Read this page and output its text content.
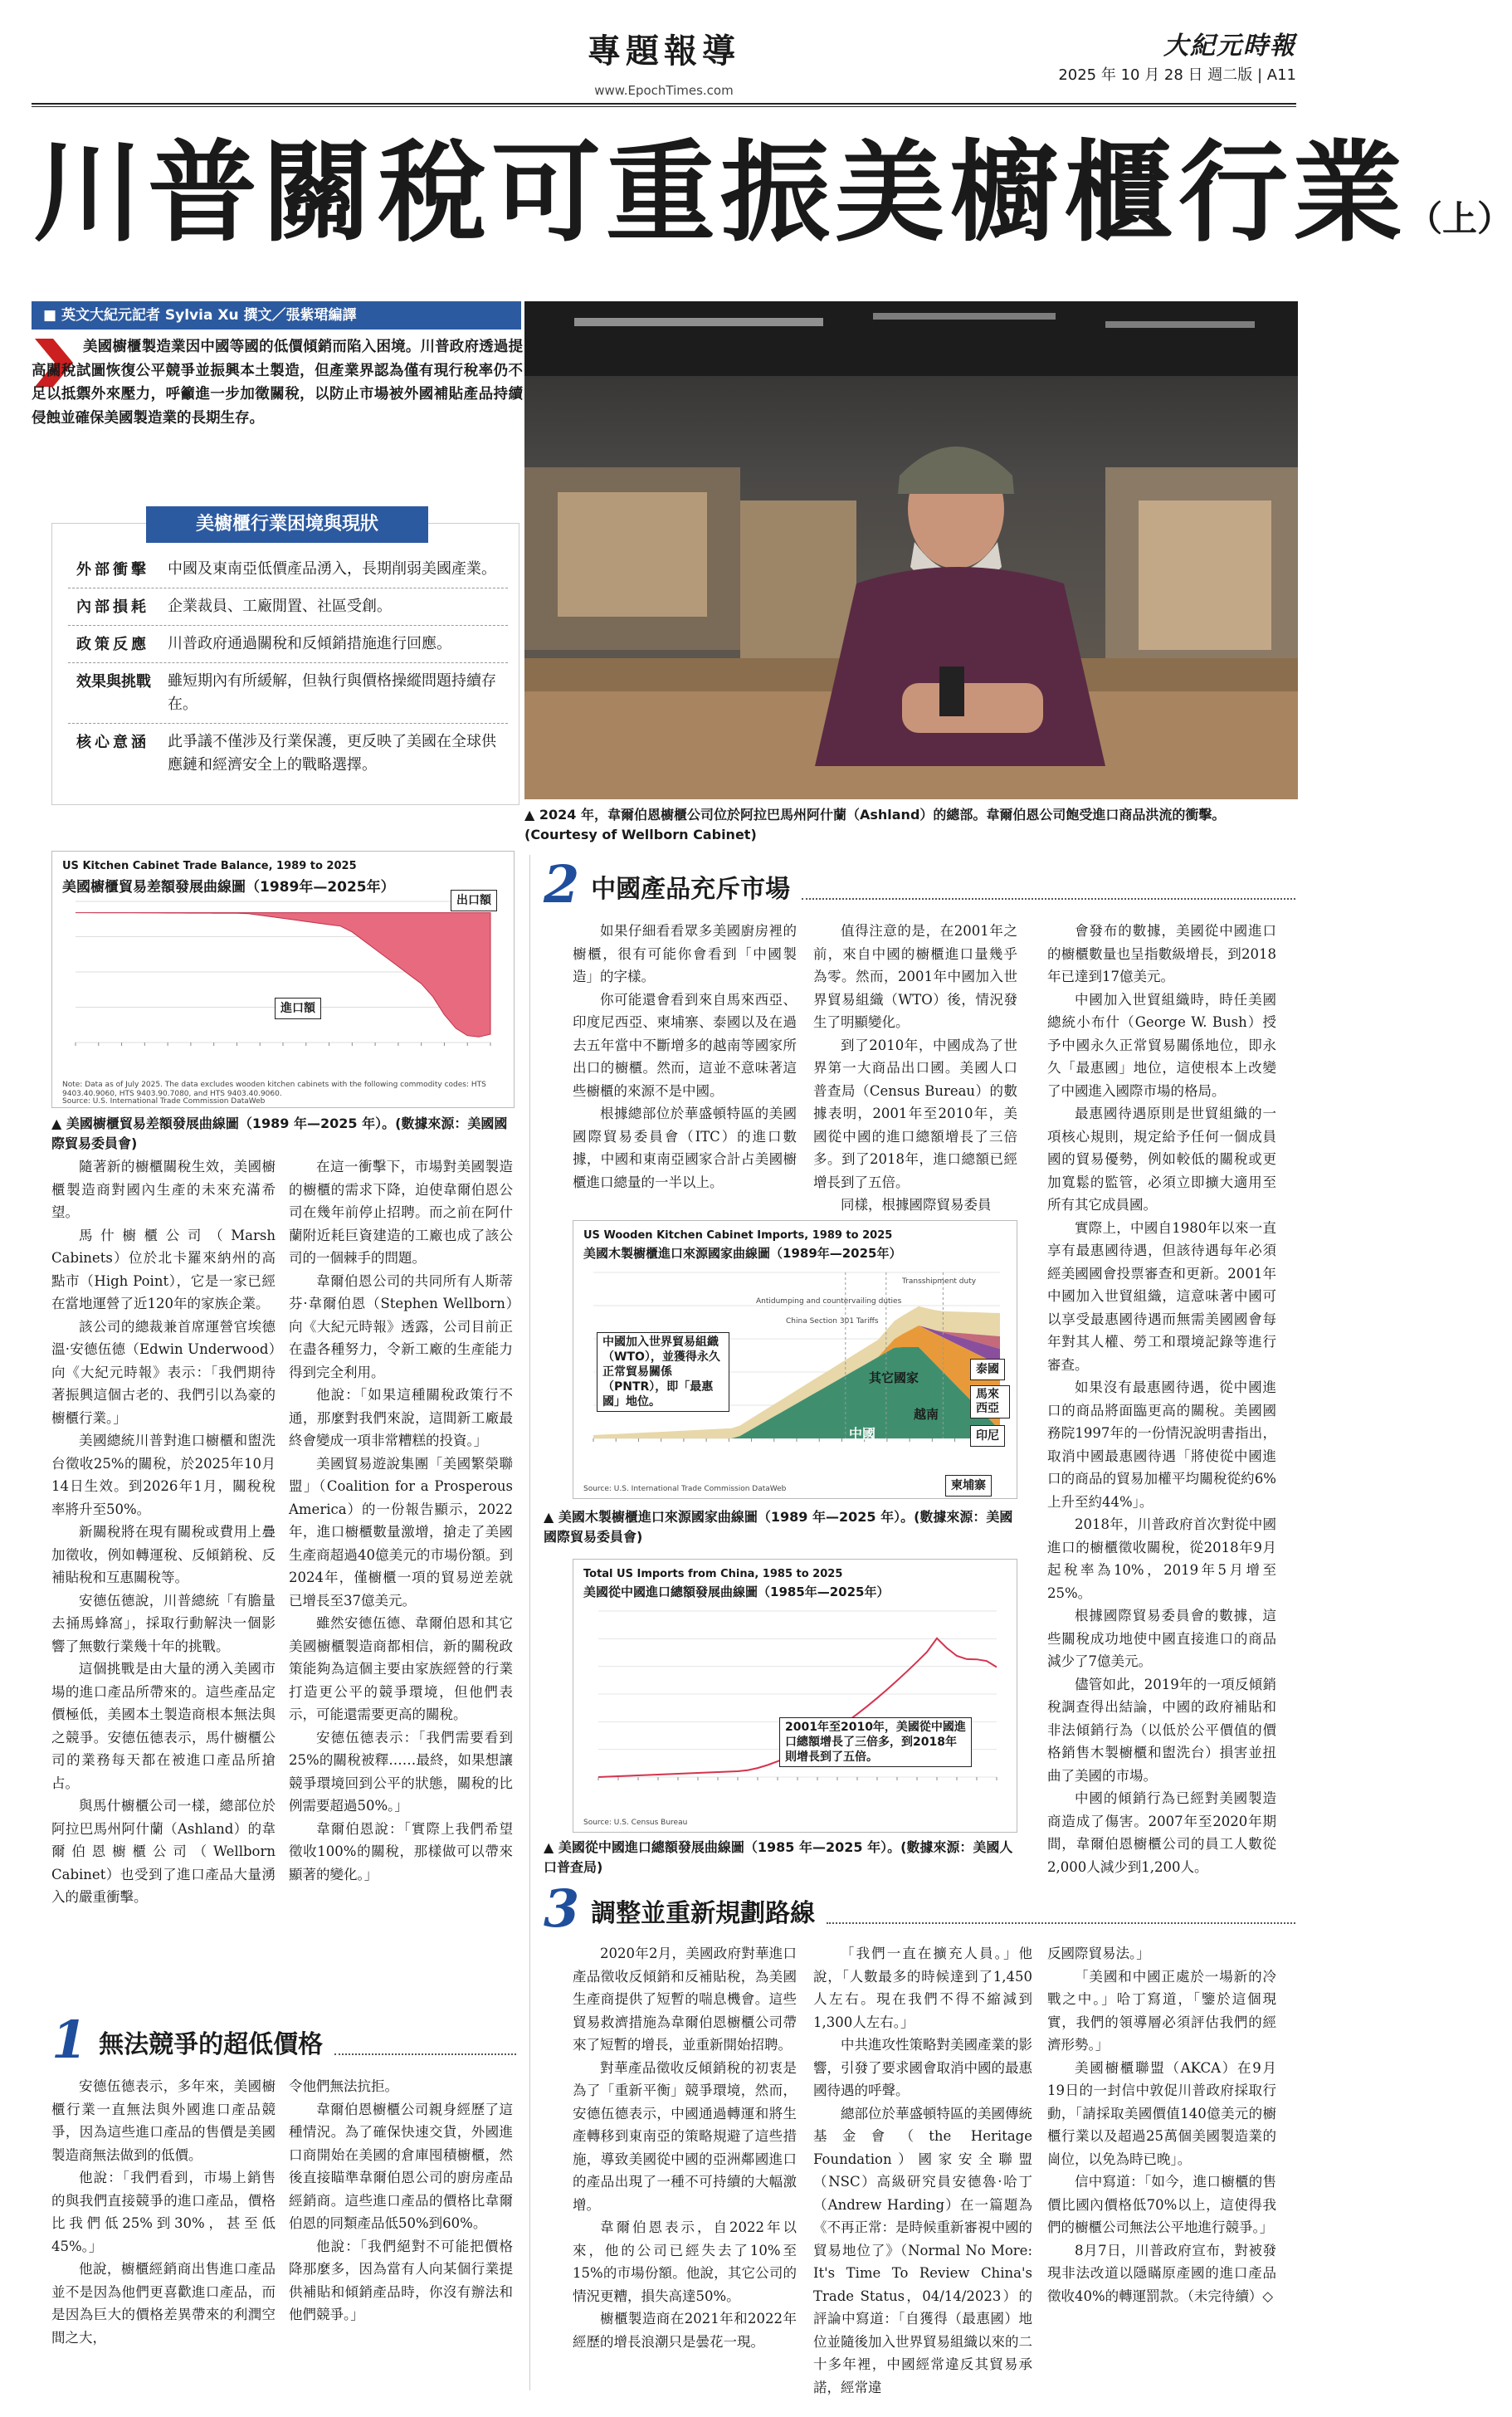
專題報導
www.EpochTimes.com
大紀元時報
2025 年 10 月 28 日 週二版 | A11
川普關稅可重振美櫥櫃行業（上）
■ 英文大紀元記者 Sylvia Xu 撰文／張紫珺編譯
美國櫥櫃製造業因中國等國的低價傾銷而陷入困境。川普政府透過提高關稅試圖恢復公平競爭並振興本土製造，但產業界認為僅有現行稅率仍不足以抵禦外來壓力，呼籲進一步加徵關稅，以防止市場被外國補貼產品持續侵蝕並確保美國製造業的長期生存。
美櫥櫃行業困境與現狀
外部衝擊	中國及東南亞低價產品湧入，長期削弱美國產業。
內部損耗	企業裁員、工廠閒置、社區受創。
政策反應	川普政府通過關稅和反傾銷措施進行回應。
效果與挑戰	雖短期內有所緩解，但執行與價格操縱問題持續存在。
核心意涵	此爭議不僅涉及行業保護，更反映了美國在全球供應鏈和經濟安全上的戰略選擇。
▲ 2024 年，韋爾伯恩櫥櫃公司位於阿拉巴馬州阿什蘭（Ashland）的總部。韋爾伯恩公司飽受進口商品洪流的衝擊。(Courtesy of Wellborn Cabinet)
US Kitchen Cabinet Trade Balance, 1989 to 2025
美國櫥櫃貿易差額發展曲線圖（1989年—2025年）
出口額
進口額
Note: Data as of July 2025. The data excludes wooden kitchen cabinets with the following commodity codes: HTS 9403.40.9060, HTS 9403.90.7080, and HTS 9403.40.9060.
Source: U.S. International Trade Commission DataWeb
▲ 美國櫥櫃貿易差額發展曲線圖（1989 年—2025 年）。(數據來源：美國國際貿易委員會)
2 中國產品充斥市場
US Wooden Kitchen Cabinet Imports, 1989 to 2025
美國木製櫥櫃進口來源國家曲線圖（1989年—2025年）
Antidumping and countervailing duties
Transshipment duty
China Section 301 Tariffs
中國加入世界貿易組織（WTO），並獲得永久正常貿易關係（PNTR），即「最惠國」地位。
其它國家
中國
越南
泰國
馬來西亞
印尼
柬埔寨
Source: U.S. International Trade Commission DataWeb
▲ 美國木製櫥櫃進口來源國家曲線圖（1989 年—2025 年）。(數據來源：美國國際貿易委員會)
Total US Imports from China, 1985 to 2025
美國從中國進口總額發展曲線圖（1985年—2025年）
2001年至2010年，美國從中國進口總額增長了三倍多，到2018年則增長到了五倍。
Source: U.S. Census Bureau
▲ 美國從中國進口總額發展曲線圖（1985 年—2025 年）。(數據來源：美國人口普查局)
3 調整並重新規劃路線
1 無法競爭的超低價格

隨著新的櫥櫃關稅生效，美國櫥櫃製造商對國內生產的未來充滿希望。

馬什櫥櫃公司（Marsh Cabinets）位於北卡羅來納州的高點市（High Point），它是一家已經在當地運營了近120年的家族企業。

該公司的總裁兼首席運營官埃德溫·安德伍德（Edwin Underwood）向《大紀元時報》表示：「我們期待著振興這個古老的、我們引以為豪的櫥櫃行業。」

美國總統川普對進口櫥櫃和盥洗台徵收25%的關稅，於2025年10月14日生效。到2026年1月，關稅稅率將升至50%。

新關稅將在現有關稅或費用上疊加徵收，例如轉運稅、反傾銷稅、反補貼稅和互惠關稅等。

安德伍德說，川普總統「有膽量去捅馬蜂窩」，採取行動解決一個影響了無數行業幾十年的挑戰。

這個挑戰是由大量的湧入美國市場的進口產品所帶來的。這些產品定價極低，美國本土製造商根本無法與之競爭。安德伍德表示，馬什櫥櫃公司的業務每天都在被進口產品所搶占。

與馬什櫥櫃公司一樣，總部位於阿拉巴馬州阿什蘭（Ashland）的韋爾伯恩櫥櫃公司（Wellborn Cabinet）也受到了進口產品大量湧入的嚴重衝擊。

在這一衝擊下，市場對美國製造的櫥櫃的需求下降，迫使韋爾伯恩公司在幾年前停止招聘。而之前在阿什蘭附近耗巨資建造的工廠也成了該公司的一個棘手的問題。

韋爾伯恩公司的共同所有人斯蒂芬·韋爾伯恩（Stephen Wellborn）向《大紀元時報》透露，公司目前正在盡各種努力，令新工廠的生產能力得到完全利用。

他說：「如果這種關稅政策行不通，那麼對我們來說，這間新工廠最終會變成一項非常糟糕的投資。」

美國貿易遊說集團「美國繁榮聯盟」（Coalition for a Prosperous America）的一份報告顯示，2022年，進口櫥櫃數量激增，搶走了美國生產商超過40億美元的市場份額。到2024年，僅櫥櫃一項的貿易逆差就已增長至37億美元。

雖然安德伍德、韋爾伯恩和其它美國櫥櫃製造商都相信，新的關稅政策能夠為這個主要由家族經營的行業打造更公平的競爭環境，但他們表示，可能還需要更高的關稅。

安德伍德表示：「我們需要看到25%的關稅被釋……最終，如果想讓競爭環境回到公平的狀態，關稅的比例需要超過50%。」

韋爾伯恩說：「實際上我們希望徵收100%的關稅，那樣做可以帶來顯著的變化。」

安德伍德表示，多年來，美國櫥櫃行業一直無法與外國進口產品競爭，因為這些進口產品的售價是美國製造商無法做到的低價。

他說：「我們看到，市場上銷售的與我們直接競爭的進口產品，價格比我們低25%到30%，甚至低45%。」

他說，櫥櫃經銷商出售進口產品並不是因為他們更喜歡進口產品，而是因為巨大的價格差異帶來的利潤空間之大，

令他們無法抗拒。

韋爾伯恩櫥櫃公司親身經歷了這種情況。為了確保快速交貨，外國進口商開始在美國的倉庫囤積櫥櫃，然後直接瞄準韋爾伯恩公司的廚房產品經銷商。這些進口產品的價格比韋爾伯恩的同類產品低50%到60%。

他說：「我們絕對不可能把價格降那麼多，因為當有人向某個行業提供補貼和傾銷產品時，你沒有辦法和他們競爭。」

如果仔細看看眾多美國廚房裡的櫥櫃，很有可能你會看到「中國製造」的字樣。

你可能還會看到來自馬來西亞、印度尼西亞、柬埔寨、泰國以及在過去五年當中不斷增多的越南等國家所出口的櫥櫃。然而，這並不意味著這些櫥櫃的來源不是中國。

根據總部位於華盛頓特區的美國國際貿易委員會（ITC）的進口數據，中國和東南亞國家合計占美國櫥櫃進口總量的一半以上。

值得注意的是，在2001年之前，來自中國的櫥櫃進口量幾乎為零。然而，2001年中國加入世界貿易組織（WTO）後，情況發生了明顯變化。

到了2010年，中國成為了世界第一大商品出口國。美國人口普查局（Census Bureau）的數據表明，2001年至2010年，美國從中國的進口總額增長了三倍多。到了2018年，進口總額已經增長到了五倍。

同樣，根據國際貿易委員

會發布的數據，美國從中國進口的櫥櫃數量也呈指數級增長，到2018年已達到17億美元。

中國加入世貿組織時，時任美國總統小布什（George W. Bush）授予中國永久正常貿易關係地位，即永久「最惠國」地位，這使根本上改變了中國進入國際市場的格局。

最惠國待遇原則是世貿組織的一項核心規則，規定給予任何一個成員國的貿易優勢，例如較低的關稅或更加寬鬆的監管，必須立即擴大適用至所有其它成員國。

實際上，中國自1980年以來一直享有最惠國待遇，但該待遇每年必須經美國國會投票審查和更新。2001年中國加入世貿組織，這意味著中國可以享受最惠國待遇而無需美國國會每年對其人權、勞工和環境記錄等進行審查。

如果沒有最惠國待遇，從中國進口的商品將面臨更高的關稅。美國國務院1997年的一份情況說明書指出，取消中國最惠國待遇「將使從中國進口的商品的貿易加權平均關稅從約6%上升至約44%」。

2018年，川普政府首次對從中國進口的櫥櫃徵收關稅，從2018年9月起稅率為10%，2019年5月增至25%。

根據國際貿易委員會的數據，這些關稅成功地使中國直接進口的商品減少了7億美元。

儘管如此，2019年的一項反傾銷稅調查得出結論，中國的政府補貼和非法傾銷行為（以低於公平價值的價格銷售木製櫥櫃和盥洗台）損害並扭曲了美國的市場。

中國的傾銷行為已經對美國製造商造成了傷害。2007年至2020年期間，韋爾伯恩櫥櫃公司的員工人數從2,000人減少到1,200人。

2020年2月，美國政府對華進口產品徵收反傾銷和反補貼稅，為美國生產商提供了短暫的喘息機會。這些貿易救濟措施為韋爾伯恩櫥櫃公司帶來了短暫的增長，並重新開始招聘。

對華產品徵收反傾銷稅的初衷是為了「重新平衡」競爭環境，然而，安德伍德表示，中國通過轉運和將生產轉移到東南亞的策略規避了這些措施，導致美國從中國的亞洲鄰國進口的產品出現了一種不可持續的大幅激增。

韋爾伯恩表示，自2022年以來，他的公司已經失去了10%至15%的市場份額。他說，其它公司的情況更糟，損失高達50%。

櫥櫃製造商在2021年和2022年經歷的增長浪潮只是曇花一現。

「我們一直在擴充人員。」他說，「人數最多的時候達到了1,450人左右。現在我們不得不縮減到1,300人左右。」

中共進攻性策略對美國產業的影響，引發了要求國會取消中國的最惠國待遇的呼聲。

總部位於華盛頓特區的美國傳統基金會（the Heritage Foundation）國家安全聯盟（NSC）高級研究員安德魯·哈丁（Andrew Harding）在一篇題為《不再正常：是時候重新審視中國的貿易地位了》（Normal No More: It's Time To Review China's Trade Status，04/14/2023）的評論中寫道：「自獲得（最惠國）地位並隨後加入世界貿易組織以來的二十多年裡，中國經常違反其貿易承諾，經常違

反國際貿易法。」

「美國和中國正處於一場新的冷戰之中。」哈丁寫道，「鑒於這個現實，我們的領導層必須評估我們的經濟形勢。」

美國櫥櫃聯盟（AKCA）在9月19日的一封信中敦促川普政府採取行動，「請採取美國價值140億美元的櫥櫃行業以及超過25萬個美國製造業的崗位，以免為時已晚」。

信中寫道：「如今，進口櫥櫃的售價比國內價格低70%以上，這使得我們的櫥櫃公司無法公平地進行競爭。」

8月7日，川普政府宣布，對被發現非法改道以隱瞞原產國的進口產品徵收40%的轉運罰款。（未完待續）◇
